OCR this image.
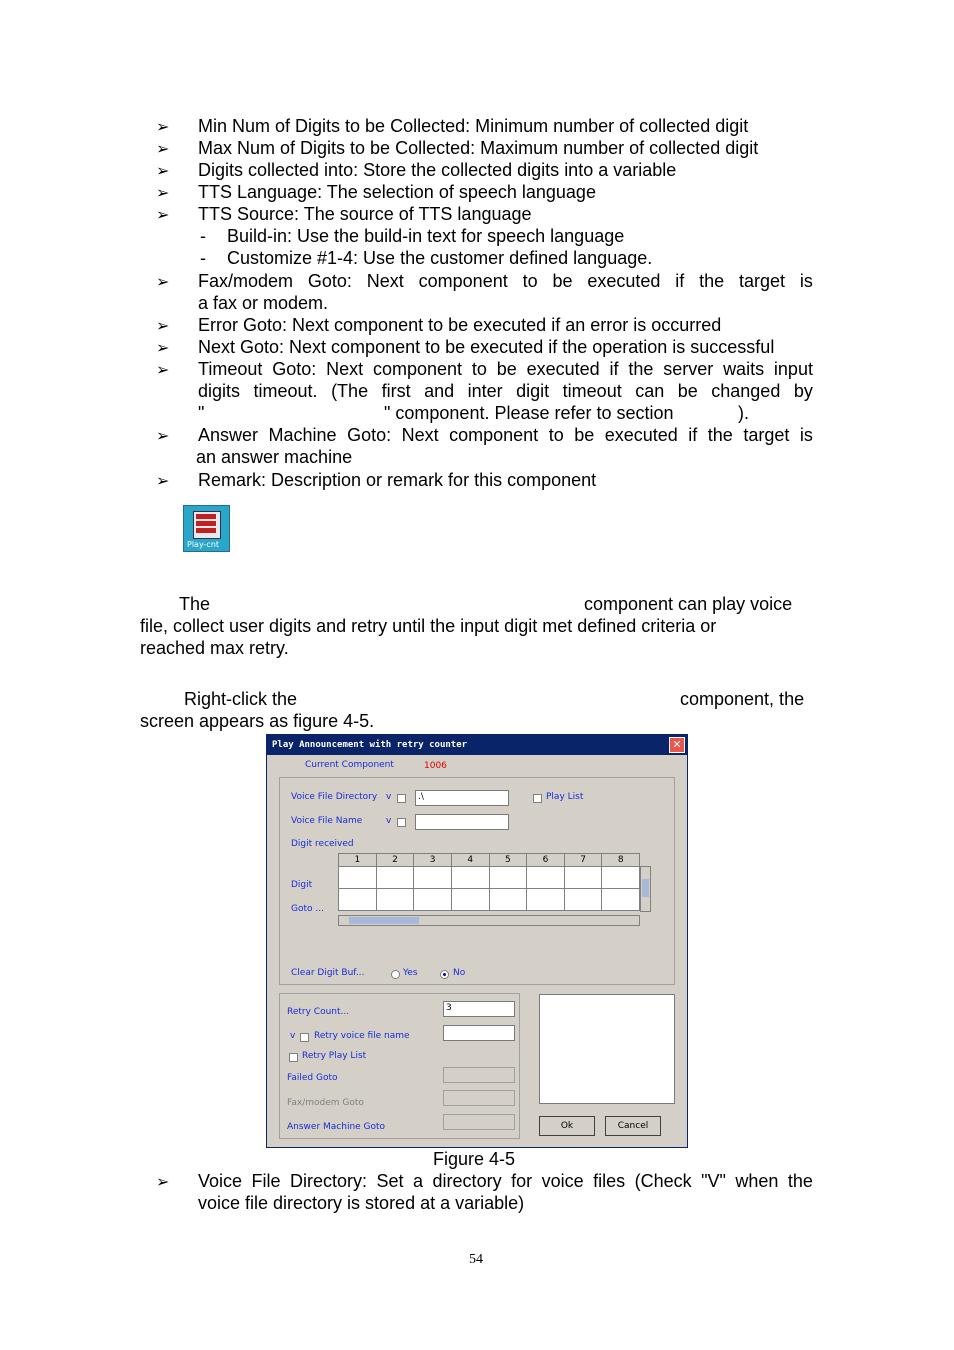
➢ Min Num of Digits to be Collected: Minimum number of collected digit
➢ Max Num of Digits to be Collected: Maximum number of collected digit
➢ Digits collected into: Store the collected digits into a variable
➢ TTS Language: The selection of speech language
➢ TTS Source: The source of TTS language
- Build-in: Use the build-in text for speech language
- Customize #1-4: Use the customer defined language.
➢ Fax/modem Goto: Next component to be executed if the target is
a fax or modem.
➢ Error Goto: Next component to be executed if an error is occurred
➢ Next Goto: Next component to be executed if the operation is successful
➢ Timeout Goto: Next component to be executed if the server waits input
digits timeout. (The first and inter digit timeout can be changed by
"	" component. Please refer to section	).
➢ Answer Machine Goto: Next component to be executed if the target is
an answer machine
➢ Remark: Description or remark for this component
Play-cnt
The	component can play voice
file, collect user digits and retry until the input digit met defined criteria or
reached max retry.
Right-click the	component, the
screen appears as figure 4-5.
Play Announcement with retry counter	✕
Current Component	1006
Voice File Directory v	.\	Play List
Voice File Name	v
Digit received
1	2	3	4	5	6	7	8

Digit
Goto ...
Clear Digit Buf...	Yes	No
Retry Count...	3
v Retry voice file name
Retry Play List
Failed Goto
Fax/modem Goto
Answer Machine Goto	Ok	Cancel
Figure 4-5
➢ Voice File Directory: Set a directory for voice files (Check "V" when the
voice file directory is stored at a variable)
54
